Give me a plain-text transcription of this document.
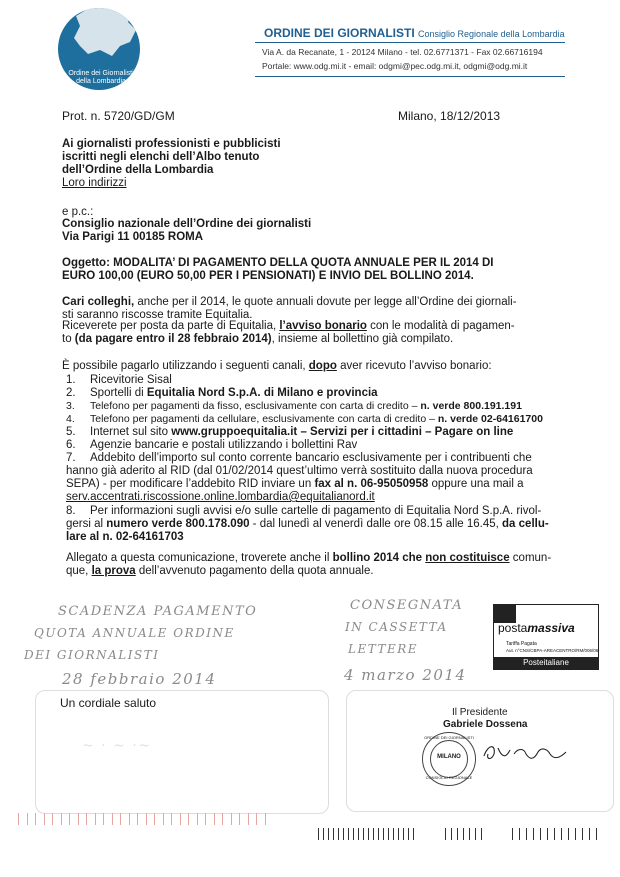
Ordine dei Giornalisti della Lombardia
ORDINE DEI GIORNALISTI Consiglio Regionale della Lombardia
Via A. da Recanate, 1 - 20124 Milano - tel. 02.6771371 - Fax 02.66716194
Portale: www.odg.mi.it - email: odgmi@pec.odg.mi.it, odgmi@odg.mi.it
Prot. n. 5720/GD/GM	Milano, 18/12/2013
Ai giornalisti professionisti e pubblicisti
iscritti negli elenchi dell’Albo tenuto
dell’Ordine della Lombardia
Loro indirizzi
e p.c.:
Consiglio nazionale dell’Ordine dei giornalisti
Via Parigi 11 00185 ROMA
Oggetto: MODALITA’ DI PAGAMENTO DELLA QUOTA ANNUALE PER IL 2014 DI
EURO 100,00 (EURO 50,00 PER I PENSIONATI) E INVIO DEL BOLLINO 2014.
Cari colleghi, anche per il 2014, le quote annuali dovute per legge all’Ordine dei giornali-
sti saranno riscosse tramite Equitalia.
Riceverete per posta da parte di Equitalia, l’avviso bonario con le modalità di pagamen-
to (da pagare entro il 28 febbraio 2014), insieme al bollettino già compilato.
È possibile pagarlo utilizzando i seguenti canali, dopo aver ricevuto l’avviso bonario:
1. Ricevitorie Sisal
2. Sportelli di Equitalia Nord S.p.A. di Milano e provincia
3. Telefono per pagamenti da fisso, esclusivamente con carta di credito – n. verde 800.191.191
4. Telefono per pagamenti da cellulare, esclusivamente con carta di credito – n. verde 02-64161700
5. Internet sul sito www.gruppoequitalia.it – Servizi per i cittadini – Pagare on line
6. Agenzie bancarie e postali utilizzando i bollettini Rav
7. Addebito dell’importo sul conto corrente bancario esclusivamente per i contribuenti che
hanno già aderito al RID (dal 01/02/2014 quest’ultimo verrà sostituito dalla nuova procedura
SEPA) - per modificare l’addebito RID inviare un fax al n. 06-95050958 oppure una mail a
serv.accentrati.riscossione.online.lombardia@equitalianord.it
8. Per informazioni sugli avvisi e/o sulle cartelle di pagamento di Equitalia Nord S.p.A. rivol-
gersi al numero verde 800.178.090 - dal lunedì al venerdì dalle ore 08.15 alle 16.45, da cellu-
lare al n. 02-64161703
Allegato a questa comunicazione, troverete anche il bollino 2014 che non costituisce comun-
que, la prova dell’avvenuto pagamento della quota annuale.
SCADENZA PAGAMENTO
QUOTA ANNUALE ORDINE
DEI GIORNALISTI
28 febbraio 2014
CONSEGNATA
IN CASSETTA
LETTERE
4 marzo 2014
postamassiva
Tariffa Pagata
Aut. n°CNS/CBPA-AREACENTRO/RM/006/06
Posteitaliane
Un cordiale saluto
Il Presidente
Gabriele Dossena
ORDINE DEI GIORNALISTI
MILANO
CONSIGLIO REGIONALE
~ · ~ ·~
